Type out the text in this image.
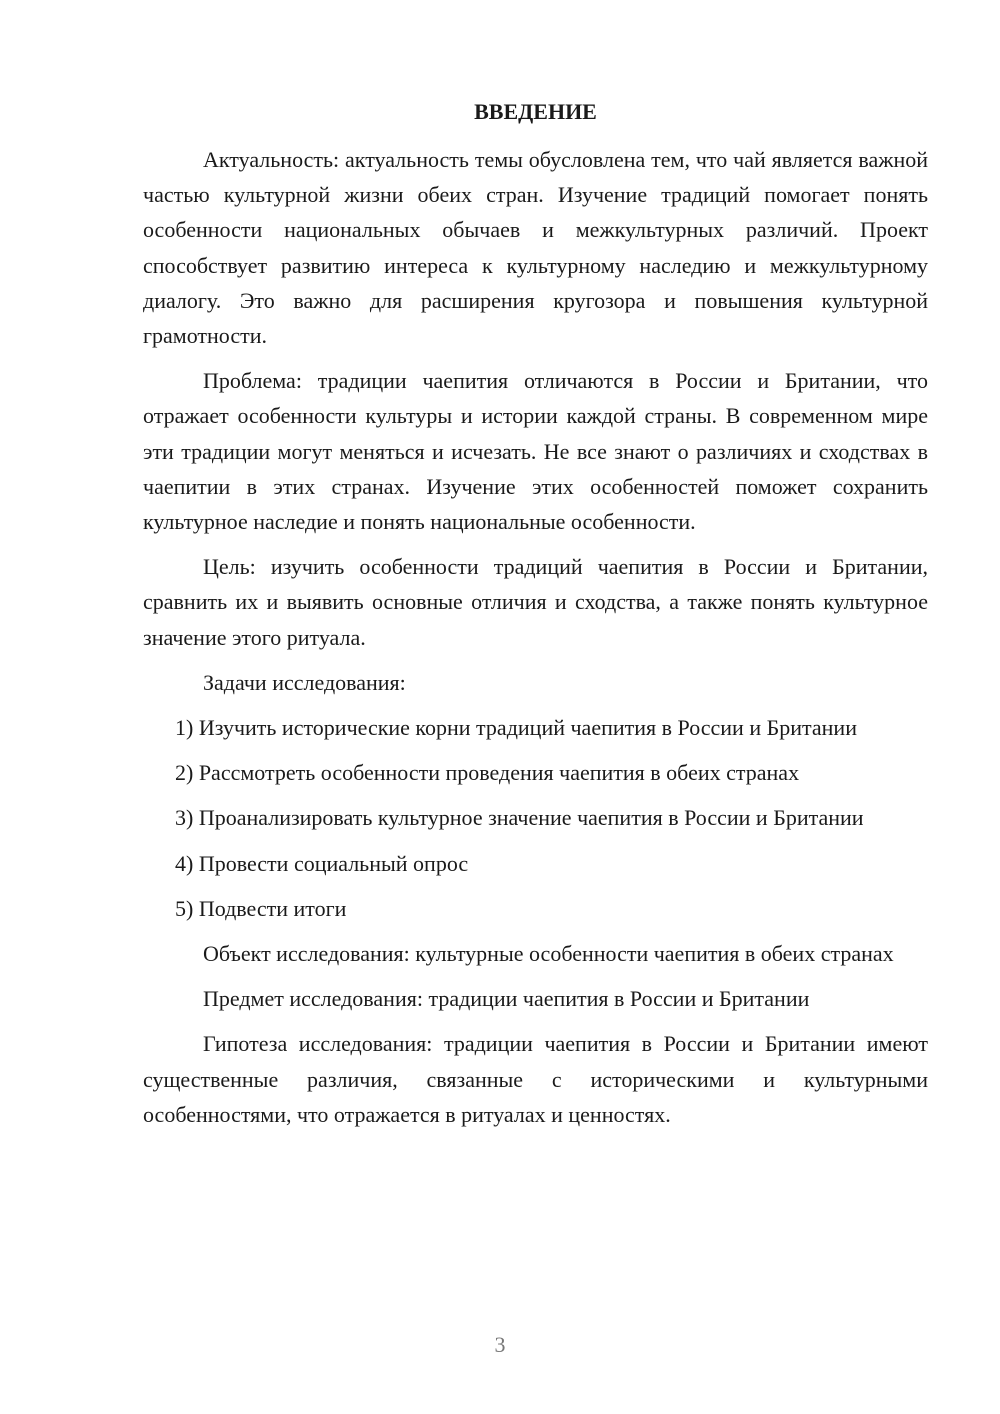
ВВЕДЕНИЕ

Актуальность: актуальность темы обусловлена тем, что чай является важной частью культурной жизни обеих стран. Изучение традиций помогает понять особенности национальных обычаев и межкультурных различий. Проект способствует развитию интереса к культурному наследию и межкультурному диалогу. Это важно для расширения кругозора и повышения культурной грамотности.

Проблема: традиции чаепития отличаются в России и Британии, что отражает особенности культуры и истории каждой страны. В современном мире эти традиции могут меняться и исчезать. Не все знают о различиях и сходствах в чаепитии в этих странах. Изучение этих особенностей поможет сохранить культурное наследие и понять национальные особенности.

Цель: изучить особенности традиций чаепития в России и Британии, сравнить их и выявить основные отличия и сходства, а также понять культурное значение этого ритуала.

Задачи исследования:

1) Изучить исторические корни традиций чаепития в России и Британии

2) Рассмотреть особенности проведения чаепития в обеих странах

3) Проанализировать культурное значение чаепития в России и Британии

4) Провести социальный опрос

5) Подвести итоги

Объект исследования: культурные особенности чаепития в обеих странах

Предмет исследования: традиции чаепития в России и Британии

Гипотеза исследования: традиции чаепития в России и Британии имеют существенные различия, связанные с историческими и культурными особенностями, что отражается в ритуалах и ценностях.

3
